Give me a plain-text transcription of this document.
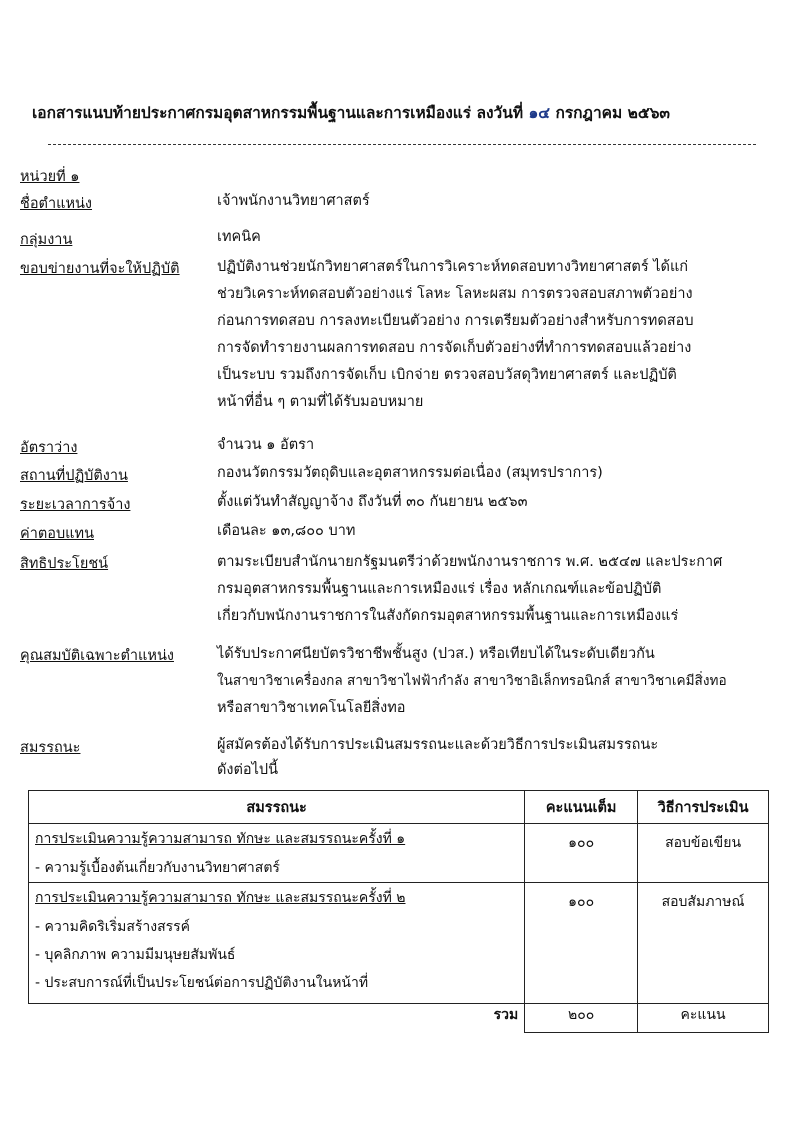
เอกสารแนบท้ายประกาศกรมอุตสาหกรรมพื้นฐานและการเหมืองแร่ ลงวันที่ ๑๔ กรกฎาคม ๒๕๖๓
หน่วยที่ ๑
ชื่อตำแหน่ง	เจ้าพนักงานวิทยาศาสตร์

กลุ่มงาน	เทคนิค

ขอบข่ายงานที่จะให้ปฏิบัติ	ปฏิบัติงานช่วยนักวิทยาศาสตร์ในการวิเคราะห์ทดสอบทางวิทยาศาสตร์ ได้แก่

ช่วยวิเคราะห์ทดสอบตัวอย่างแร่ โลหะ โลหะผสม การตรวจสอบสภาพตัวอย่าง

ก่อนการทดสอบ การลงทะเบียนตัวอย่าง การเตรียมตัวอย่างสำหรับการทดสอบ

การจัดทำรายงานผลการทดสอบ การจัดเก็บตัวอย่างที่ทำการทดสอบแล้วอย่าง

เป็นระบบ รวมถึงการจัดเก็บ เบิกจ่าย ตรวจสอบวัสดุวิทยาศาสตร์ และปฏิบัติ

หน้าที่อื่น ๆ ตามที่ได้รับมอบหมาย

อัตราว่าง	จำนวน ๑ อัตรา

สถานที่ปฏิบัติงาน	กองนวัตกรรมวัตถุดิบและอุตสาหกรรมต่อเนื่อง (สมุทรปราการ)

ระยะเวลาการจ้าง	ตั้งแต่วันทำสัญญาจ้าง ถึงวันที่ ๓๐ กันยายน ๒๕๖๓

ค่าตอบแทน	เดือนละ ๑๓,๘๐๐ บาท

สิทธิประโยชน์	ตามระเบียบสำนักนายกรัฐมนตรีว่าด้วยพนักงานราชการ พ.ศ. ๒๕๔๗ และประกาศ

กรมอุตสาหกรรมพื้นฐานและการเหมืองแร่ เรื่อง หลักเกณฑ์และข้อปฏิบัติ

เกี่ยวกับพนักงานราชการในสังกัดกรมอุตสาหกรรมพื้นฐานและการเหมืองแร่

คุณสมบัติเฉพาะตำแหน่ง	ได้รับประกาศนียบัตรวิชาชีพชั้นสูง (ปวส.) หรือเทียบได้ในระดับเดียวกัน

ในสาขาวิชาเครื่องกล สาขาวิชาไฟฟ้ากำลัง สาขาวิชาอิเล็กทรอนิกส์ สาขาวิชาเคมีสิ่งทอ

หรือสาขาวิชาเทคโนโลยีสิ่งทอ

สมรรถนะ	ผู้สมัครต้องได้รับการประเมินสมรรถนะและด้วยวิธีการประเมินสมรรถนะ

ดังต่อไปนี้

สมรรถนะ	คะแนนเต็ม	วิธีการประเมิน

การประเมินความรู้ความสามารถ ทักษะ และสมรรถนะครั้งที่ ๑
- ความรู้เบื้องต้นเกี่ยวกับงานวิทยาศาสตร์	๑๐๐	สอบข้อเขียน

การประเมินความรู้ความสามารถ ทักษะ และสมรรถนะครั้งที่ ๒
- ความคิดริเริ่มสร้างสรรค์
- บุคลิกภาพ ความมีมนุษยสัมพันธ์
- ประสบการณ์ที่เป็นประโยชน์ต่อการปฏิบัติงานในหน้าที่	๑๐๐	สอบสัมภาษณ์

รวม	๒๐๐	คะแนน
